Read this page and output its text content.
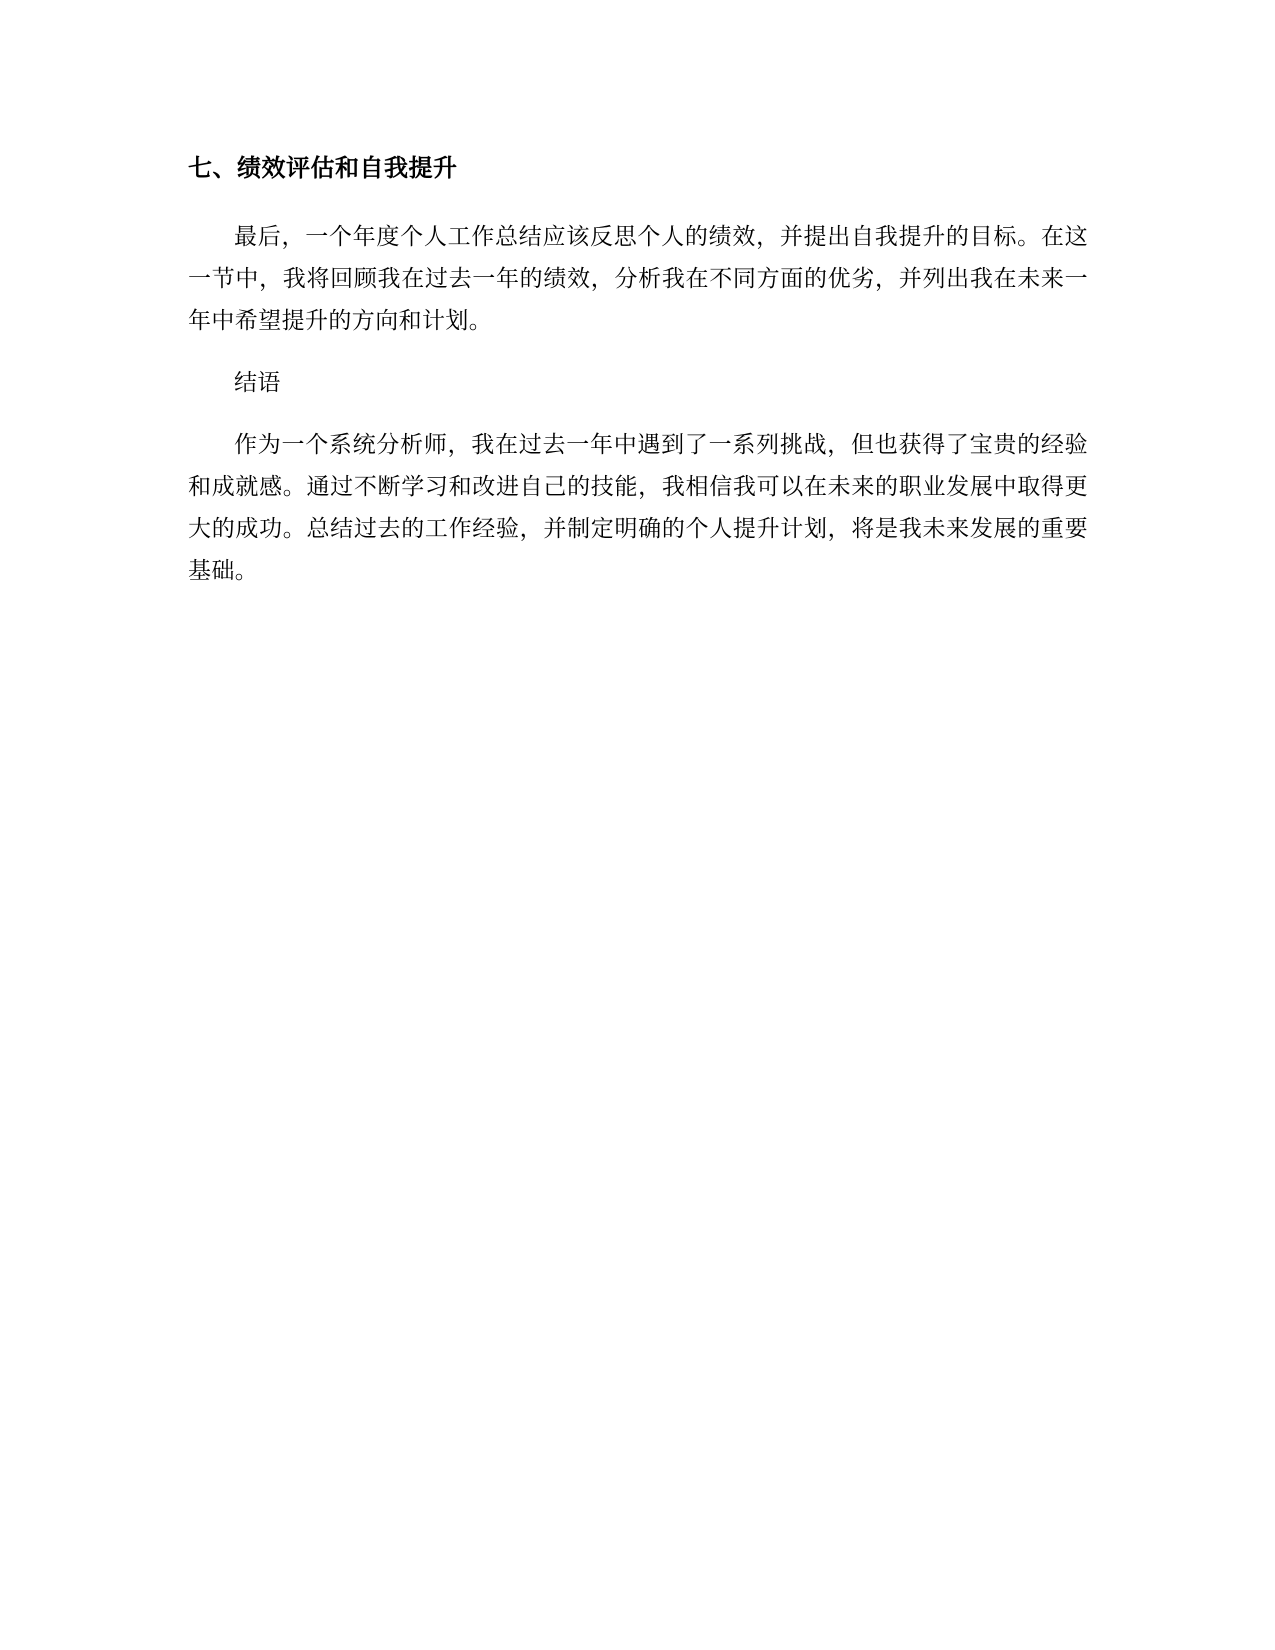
七、绩效评估和自我提升

最后，一个年度个人工作总结应该反思个人的绩效，并提出自我提升的目标。在这一节中，我将回顾我在过去一年的绩效，分析我在不同方面的优劣，并列出我在未来一年中希望提升的方向和计划。

结语

作为一个系统分析师，我在过去一年中遇到了一系列挑战，但也获得了宝贵的经验和成就感。通过不断学习和改进自己的技能，我相信我可以在未来的职业发展中取得更大的成功。总结过去的工作经验，并制定明确的个人提升计划，将是我未来发展的重要基础。
